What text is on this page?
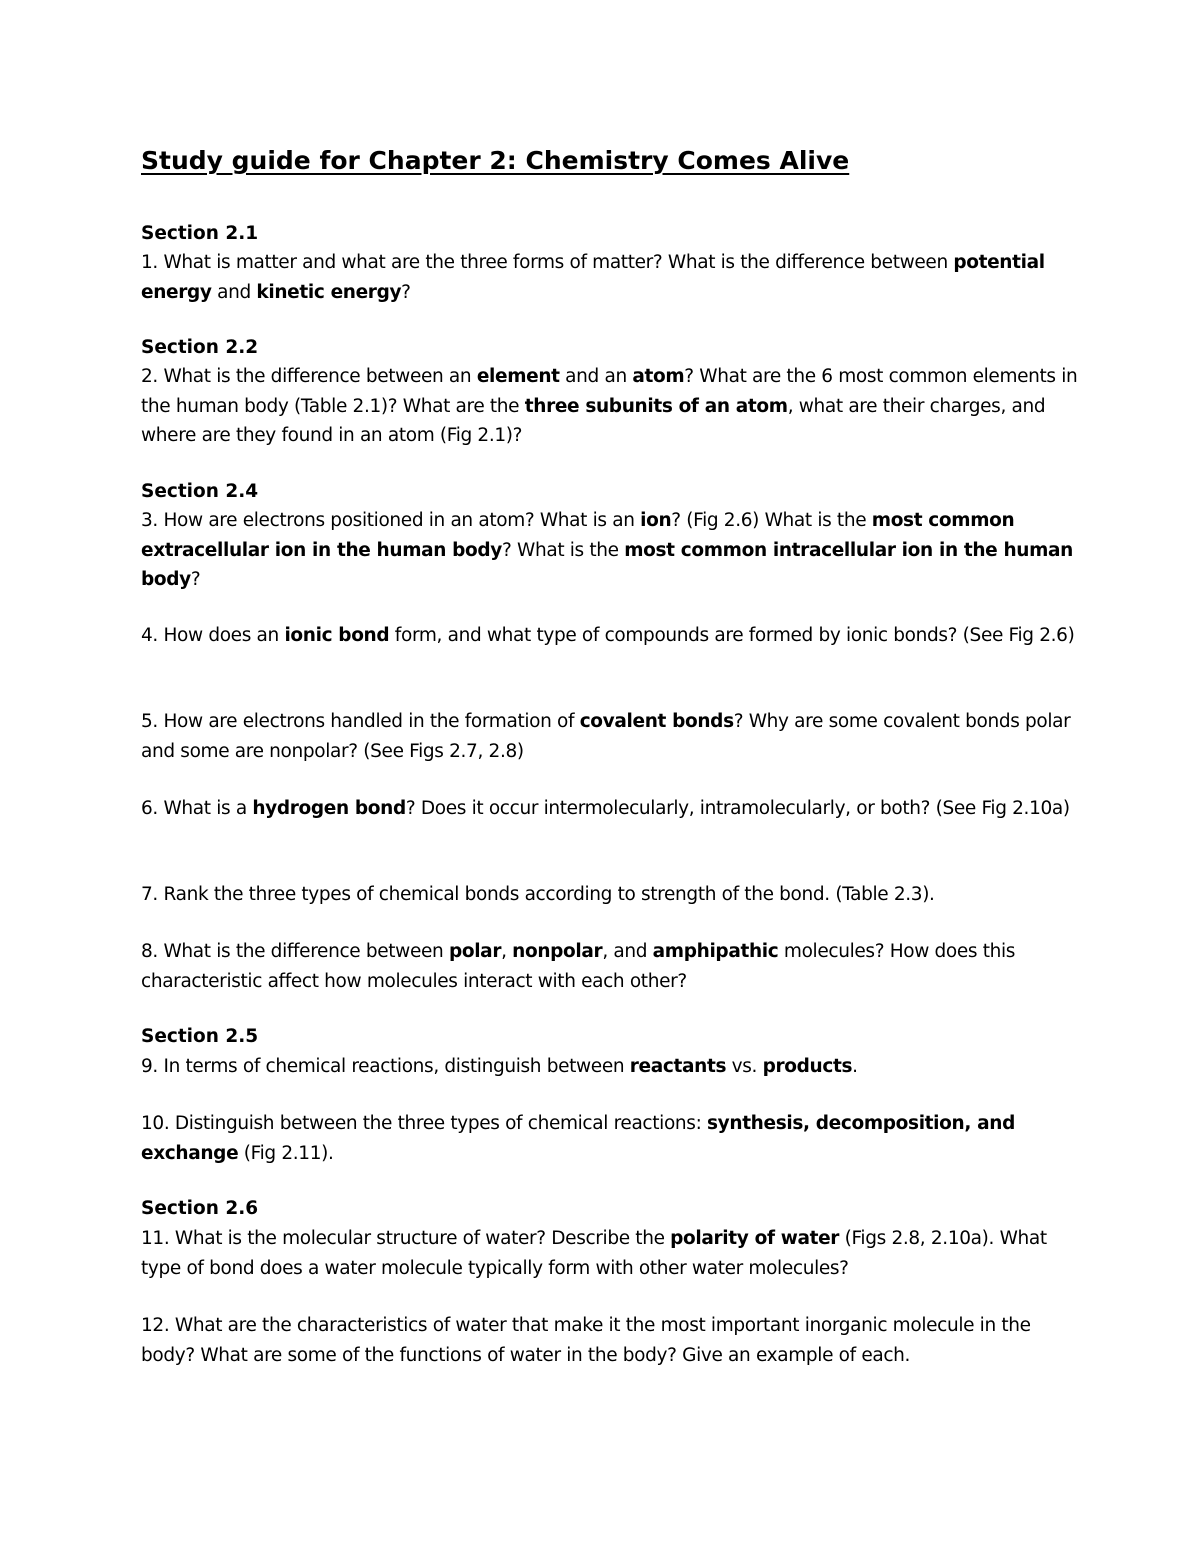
Study guide for Chapter 2: Chemistry Comes Alive
Section 2.1

1. What is matter and what are the three forms of matter? What is the difference between potential energy and kinetic energy?

Section 2.2

2. What is the difference between an element and an atom? What are the 6 most common elements in the human body (Table 2.1)? What are the three subunits of an atom, what are their charges, and where are they found in an atom (Fig 2.1)?

Section 2.4

3. How are electrons positioned in an atom? What is an ion? (Fig 2.6) What is the most common extracellular ion in the human body? What is the most common intracellular ion in the human body?

4. How does an ionic bond form, and what type of compounds are formed by ionic bonds? (See Fig 2.6)

5. How are electrons handled in the formation of covalent bonds? Why are some covalent bonds polar and some are nonpolar? (See Figs 2.7, 2.8)

6. What is a hydrogen bond? Does it occur intermolecularly, intramolecularly, or both? (See Fig 2.10a)

7. Rank the three types of chemical bonds according to strength of the bond. (Table 2.3).

8. What is the difference between polar, nonpolar, and amphipathic molecules? How does this characteristic affect how molecules interact with each other?

Section 2.5

9. In terms of chemical reactions, distinguish between reactants vs. products.

10. Distinguish between the three types of chemical reactions: synthesis, decomposition, and exchange (Fig 2.11).

Section 2.6

11. What is the molecular structure of water? Describe the polarity of water (Figs 2.8, 2.10a). What type of bond does a water molecule typically form with other water molecules?

12. What are the characteristics of water that make it the most important inorganic molecule in the body? What are some of the functions of water in the body? Give an example of each.
